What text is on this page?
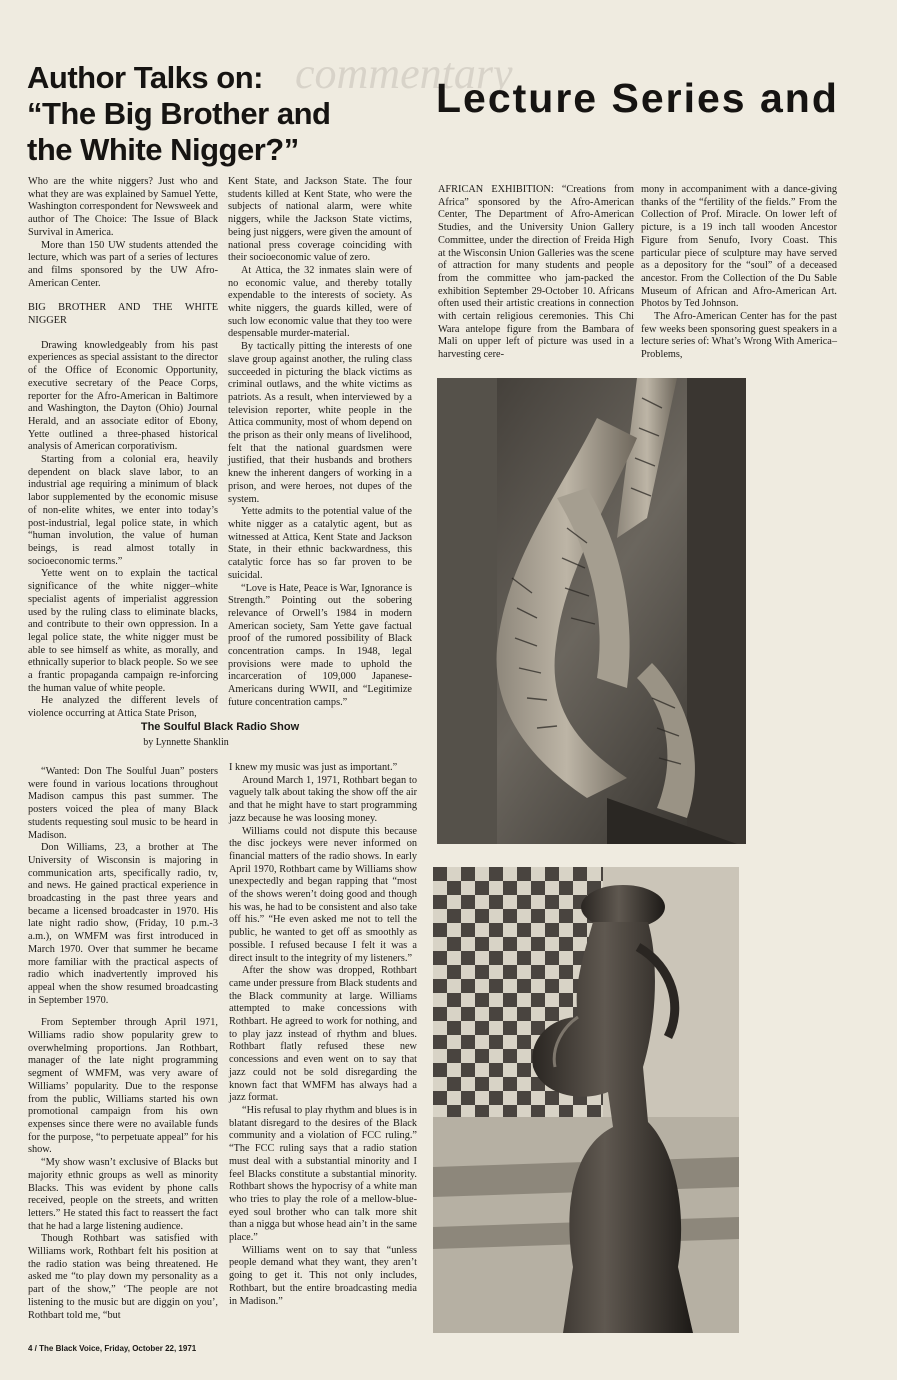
commentary

Author Talks on:

“The Big Brother and

the White Nigger?”

Lecture Series and

Who are the white niggers? Just who and what they are was explained by Samuel Yette, Washington correspondent for Newsweek and author of The Choice: The Issue of Black Survival in America.

More than 150 UW students attended the lecture, which was part of a series of lectures and films sponsored by the UW Afro-American Center.

BIG BROTHER AND THE WHITE NIGGER

Drawing knowledgeably from his past experiences as special assistant to the director of the Office of Economic Opportunity, executive secretary of the Peace Corps, reporter for the Afro-American in Baltimore and Washington, the Dayton (Ohio) Journal Herald, and an associate editor of Ebony, Yette outlined a three-phased historical analysis of American corporativism.

Starting from a colonial era, heavily dependent on black slave labor, to an industrial age requiring a minimum of black labor supplemented by the economic misuse of non-elite whites, we enter into today’s post-industrial, legal police state, in which “human involution, the value of human beings, is read almost totally in socioeconomic terms.”

Yette went on to explain the tactical significance of the white nigger–white specialist agents of imperialist aggression used by the ruling class to eliminate blacks, and contribute to their own oppression. In a legal police state, the white nigger must be able to see himself as white, as morally, and ethnically superior to black people. So we see a frantic propaganda campaign re-inforcing the human value of white people.

He analyzed the different levels of violence occurring at Attica State Prison,

Kent State, and Jackson State. The four students killed at Kent State, who were the subjects of national alarm, were white niggers, while the Jackson State victims, being just niggers, were given the amount of national press coverage coinciding with their socioeconomic value of zero.

At Attica, the 32 inmates slain were of no economic value, and thereby totally expendable to the interests of society. As white niggers, the guards killed, were of such low economic value that they too were despensable murder-material.

By tactically pitting the interests of one slave group against another, the ruling class succeeded in picturing the black victims as criminal outlaws, and the white victims as patriots. As a result, when interviewed by a television reporter, white people in the Attica community, most of whom depend on the prison as their only means of livelihood, felt that the national guardsmen were justified, that their husbands and brothers knew the inherent dangers of working in a prison, and were heroes, not dupes of the system.

Yette admits to the potential value of the white nigger as a catalytic agent, but as witnessed at Attica, Kent State and Jackson State, in their ethnic backwardness, this catalytic force has so far proven to be suicidal.

“Love is Hate, Peace is War, Ignorance is Strength.” Pointing out the sobering relevance of Orwell’s 1984 in modern American society, Sam Yette gave factual proof of the rumored possibility of Black concentration camps. In 1948, legal provisions were made to uphold the incarceration of 109,000 Japanese-Americans during WWII, and “Legitimize future concentration camps.”

The Soulful Black Radio Show
by Lynnette Shanklin

“Wanted: Don The Soulful Juan” posters were found in various locations throughout Madison campus this past summer. The posters voiced the plea of many Black students requesting soul music to be heard in Madison.

Don Williams, 23, a brother at The University of Wisconsin is majoring in communication arts, specifically radio, tv, and news. He gained practical experience in broadcasting in the past three years and became a licensed broadcaster in 1970. His late night radio show, (Friday, 10 p.m.-3 a.m.), on WMFM was first introduced in March 1970. Over that summer he became more familiar with the practical aspects of radio which inadvertently improved his appeal when the show resumed broadcasting in September 1970.

From September through April 1971, Williams radio show popularity grew to overwhelming proportions. Jan Rothbart, manager of the late night programming segment of WMFM, was very aware of Williams’ popularity. Due to the response from the public, Williams started his own promotional campaign from his own expenses since there were no available funds for the purpose, “to perpetuate appeal” for his show.

“My show wasn’t exclusive of Blacks but majority ethnic groups as well as minority Blacks. This was evident by phone calls received, people on the streets, and written letters.” He stated this fact to reassert the fact that he had a large listening audience.

Though Rothbart was satisfied with Williams work, Rothbart felt his position at the radio station was being threatened. He asked me “to play down my personality as a part of the show,” ‘The people are not listening to the music but are diggin on you’, Rothbart told me, “but

I knew my music was just as important.”

Around March 1, 1971, Rothbart began to vaguely talk about taking the show off the air and that he might have to start programming jazz because he was loosing money.

Williams could not dispute this because the disc jockeys were never informed on financial matters of the radio shows. In early April 1970, Rothbart came by Williams show unexpectedly and began rapping that “most of the shows weren’t doing good and though his was, he had to be consistent and also take off his.” “He even asked me not to tell the public, he wanted to get off as smoothly as possible. I refused because I felt it was a direct insult to the integrity of my listeners.”

After the show was dropped, Rothbart came under pressure from Black students and the Black community at large. Williams attempted to make concessions with Rothbart. He agreed to work for nothing, and to play jazz instead of rhythm and blues. Rothbart flatly refused these new concessions and even went on to say that jazz could not be sold disregarding the known fact that WMFM has always had a jazz format.

“His refusal to play rhythm and blues is in blatant disregard to the desires of the Black community and a violation of FCC ruling.” “The FCC ruling says that a radio station must deal with a substantial minority and I feel Blacks constitute a substantial minority. Rothbart shows the hypocrisy of a white man who tries to play the role of a mellow-blue-eyed soul brother who can talk more shit than a nigga but whose head ain’t in the same place.”

Williams went on to say that “unless people demand what they want, they aren’t going to get it. This not only includes, Rothbart, but the entire broadcasting media in Madison.”

4 / The Black Voice, Friday, October 22, 1971

AFRICAN EXHIBITION: “Creations from Africa” sponsored by the Afro-American Center, The Department of Afro-American Studies, and the University Union Gallery Committee, under the direction of Freida High at the Wisconsin Union Galleries was the scene of attraction for many students and people from the committee who jam-packed the exhibition September 29-October 10. Africans often used their artistic creations in connection with certain religious ceremonies. This Chi Wara antelope figure from the Bambara of Mali on upper left of picture was used in a harvesting cere-

mony in accompaniment with a dance-giving thanks of the “fertility of the fields.” From the Collection of Prof. Miracle. On lower left of picture, is a 19 inch tall wooden Ancestor Figure from Senufo, Ivory Coast. This particular piece of sculpture may have served as a depository for the “soul” of a deceased ancestor. From the Collection of the Du Sable Museum of African and Afro-American Art. Photos by Ted Johnson.

The Afro-American Center has for the past few weeks been sponsoring guest speakers in a lecture series of: What’s Wrong With America–Problems,
